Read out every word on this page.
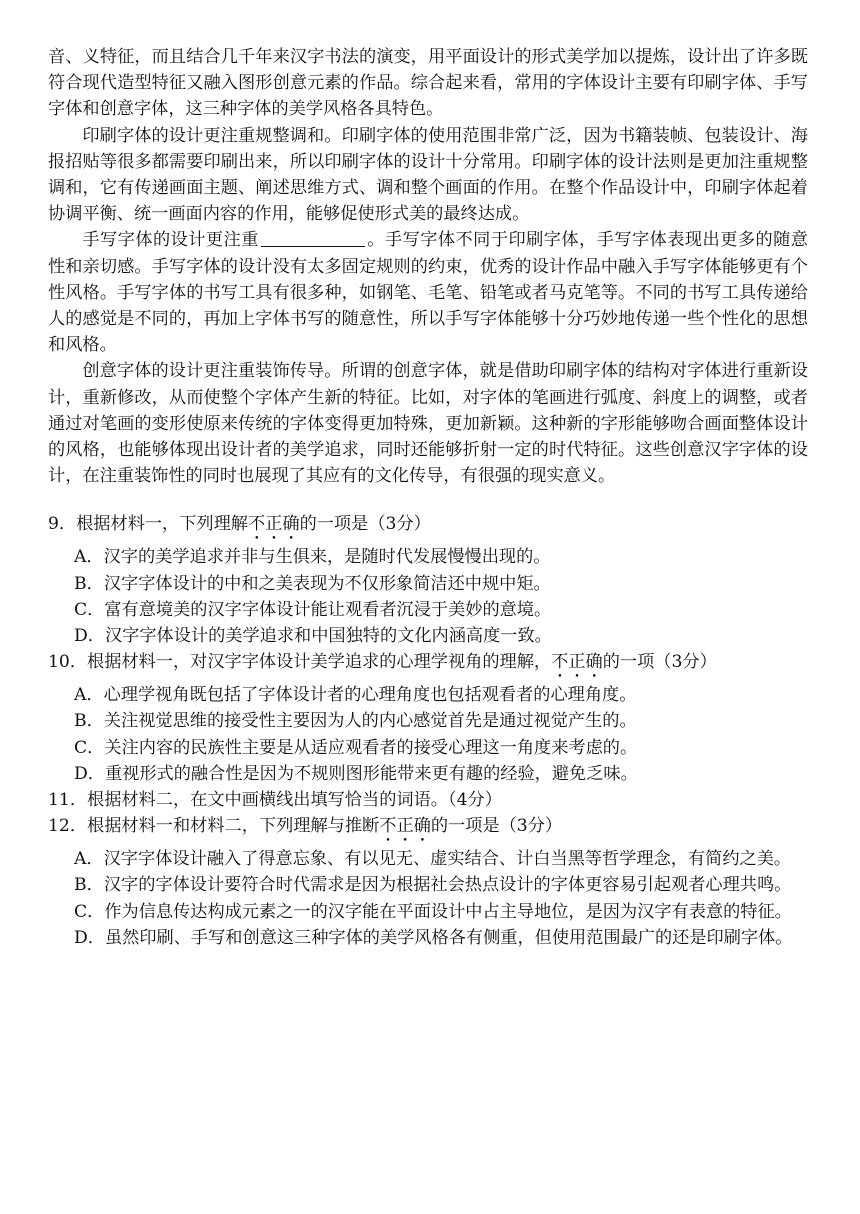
音、义特征，而且结合几千年来汉字书法的演变，用平面设计的形式美学加以提炼，设计出了许多既符合现代造型特征又融入图形创意元素的作品。综合起来看，常用的字体设计主要有印刷字体、手写字体和创意字体，这三种字体的美学风格各具特色。

印刷字体的设计更注重规整调和。印刷字体的使用范围非常广泛，因为书籍装帧、包装设计、海报招贴等很多都需要印刷出来，所以印刷字体的设计十分常用。印刷字体的设计法则是更加注重规整调和，它有传递画面主题、阐述思维方式、调和整个画面的作用。在整个作品设计中，印刷字体起着协调平衡、统一画面内容的作用，能够促使形式美的最终达成。

手写字体的设计更注重	。手写字体不同于印刷字体，手写字体表现出更多的随意性和亲切感。手写字体的设计没有太多固定规则的约束，优秀的设计作品中融入手写字体能够更有个性风格。手写字体的书写工具有很多种，如钢笔、毛笔、铅笔或者马克笔等。不同的书写工具传递给人的感觉是不同的，再加上字体书写的随意性，所以手写字体能够十分巧妙地传递一些个性化的思想和风格。

创意字体的设计更注重装饰传导。所谓的创意字体，就是借助印刷字体的结构对字体进行重新设计，重新修改，从而使整个字体产生新的特征。比如，对字体的笔画进行弧度、斜度上的调整，或者通过对笔画的变形使原来传统的字体变得更加特殊，更加新颖。这种新的字形能够吻合画面整体设计的风格，也能够体现出设计者的美学追求，同时还能够折射一定的时代特征。这些创意汉字字体的设计，在注重装饰性的同时也展现了其应有的文化传导，有很强的现实意义。

9．根据材料一，下列理解不正确的一项是（3分）

A．汉字的美学追求并非与生俱来，是随时代发展慢慢出现的。

B．汉字字体设计的中和之美表现为不仅形象简洁还中规中矩。

C．富有意境美的汉字字体设计能让观看者沉浸于美妙的意境。

D．汉字字体设计的美学追求和中国独特的文化内涵高度一致。

10．根据材料一，对汉字字体设计美学追求的心理学视角的理解，不正确的一项（3分）

A．心理学视角既包括了字体设计者的心理角度也包括观看者的心理角度。

B．关注视觉思维的接受性主要因为人的内心感觉首先是通过视觉产生的。

C．关注内容的民族性主要是从适应观看者的接受心理这一角度来考虑的。

D．重视形式的融合性是因为不规则图形能带来更有趣的经验，避免乏味。

11．根据材料二，在文中画横线出填写恰当的词语。（4分）

12．根据材料一和材料二，下列理解与推断不正确的一项是（3分）

A．汉字字体设计融入了得意忘象、有以见无、虚实结合、计白当黑等哲学理念，有简约之美。

B．汉字的字体设计要符合时代需求是因为根据社会热点设计的字体更容易引起观者心理共鸣。

C．作为信息传达构成元素之一的汉字能在平面设计中占主导地位，是因为汉字有表意的特征。

D．虽然印刷、手写和创意这三种字体的美学风格各有侧重，但使用范围最广的还是印刷字体。
